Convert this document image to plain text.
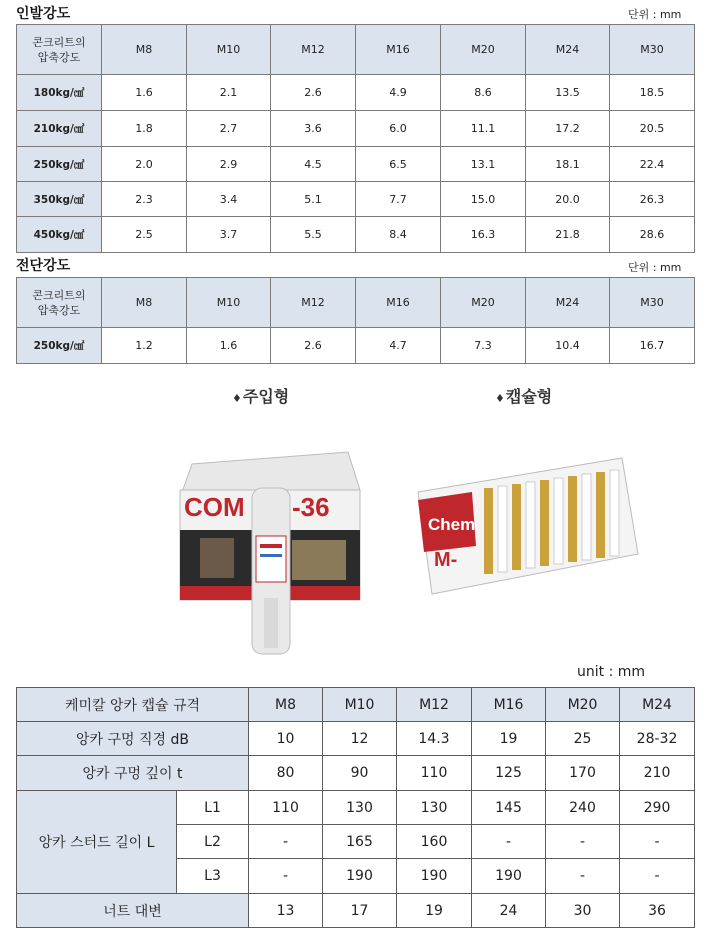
인발강도	단위 : mm
콘크리트의
압축강도	M8	M10	M12	M16	M20	M24	M30
180kg/㎠	1.6	2.1	2.6	4.9	8.6	13.5	18.5
210kg/㎠	1.8	2.7	3.6	6.0	11.1	17.2	20.5
250kg/㎠	2.0	2.9	4.5	6.5	13.1	18.1	22.4
350kg/㎠	2.3	3.4	5.1	7.7	15.0	20.0	26.3
450kg/㎠	2.5	3.7	5.5	8.4	16.3	21.8	28.6
전단강도	단위 : mm
콘크리트의
압축강도	M8	M10	M12	M16	M20	M24	M30
250kg/㎠	1.2	1.6	2.6	4.7	7.3	10.4	16.7
♦주입형	♦캡슐형
COM -36
Chem
M-
unit : mm
케미칼 앙카 캡슐 규격		M8	M10	M12	M16	M20	M24
앙카 구멍 직경 dB		10	12	14.3	19	25	28-32
앙카 구멍 깊이 t		80	90	110	125	170	210
앙카 스터드 길이 L	L1	110	130	130	145	240	290
	L2	-	165	160	-	-	-
	L3	-	190	190	190	-	-
너트 대변		13	17	19	24	30	36
